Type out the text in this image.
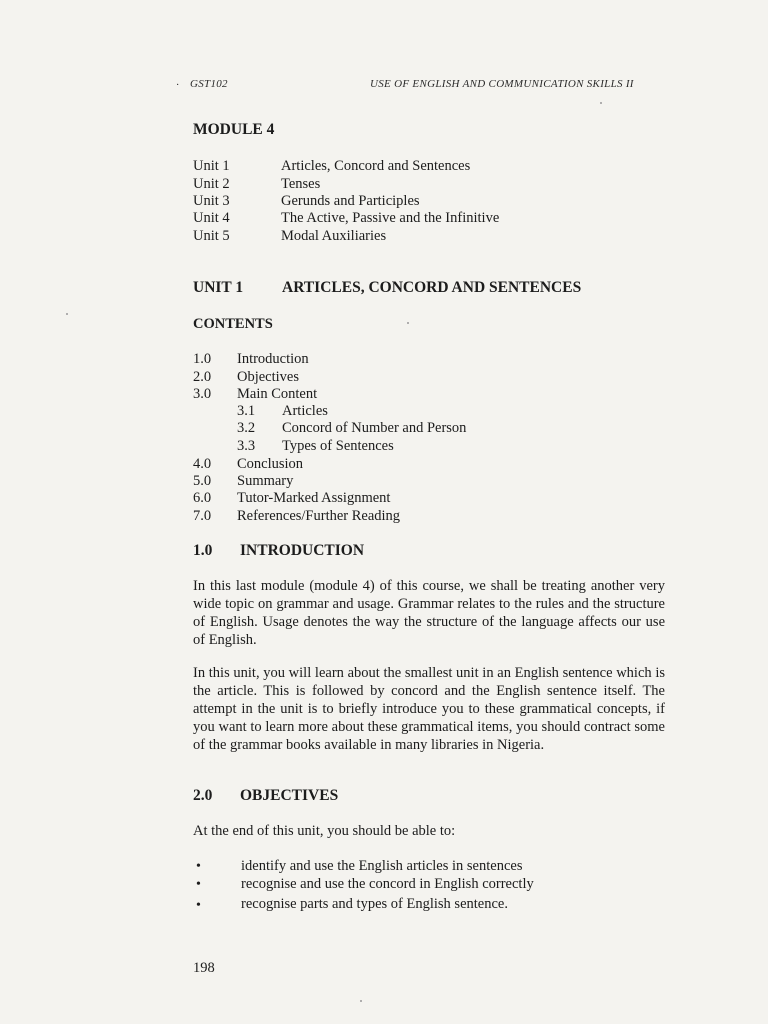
· GST102	USE OF ENGLISH AND COMMUNICATION SKILLS II
MODULE 4
Unit 1	Articles, Concord and Sentences
Unit 2	Tenses
Unit 3	Gerunds and Participles
Unit 4	The Active, Passive and the Infinitive
Unit 5	Modal Auxiliaries
UNIT 1	ARTICLES, CONCORD AND SENTENCES
CONTENTS
1.0 Introduction
2.0 Objectives
3.0 Main Content
3.1 Articles
3.2 Concord of Number and Person
3.3 Types of Sentences
4.0 Conclusion
5.0 Summary
6.0 Tutor-Marked Assignment
7.0 References/Further Reading
1.0 INTRODUCTION

In this last module (module 4) of this course, we shall be treating another very wide topic on grammar and usage. Grammar relates to the rules and the structure of English. Usage denotes the way the structure of the language affects our use of English.

In this unit, you will learn about the smallest unit in an English sentence which is the article. This is followed by concord and the English sentence itself. The attempt in the unit is to briefly introduce you to these grammatical concepts, if you want to learn more about these grammatical items, you should contract some of the grammar books available in many libraries in Nigeria.

2.0 OBJECTIVES
At the end of this unit, you should be able to:
•	identify and use the English articles in sentences
•	recognise and use the concord in English correctly
•	recognise parts and types of English sentence.
198
